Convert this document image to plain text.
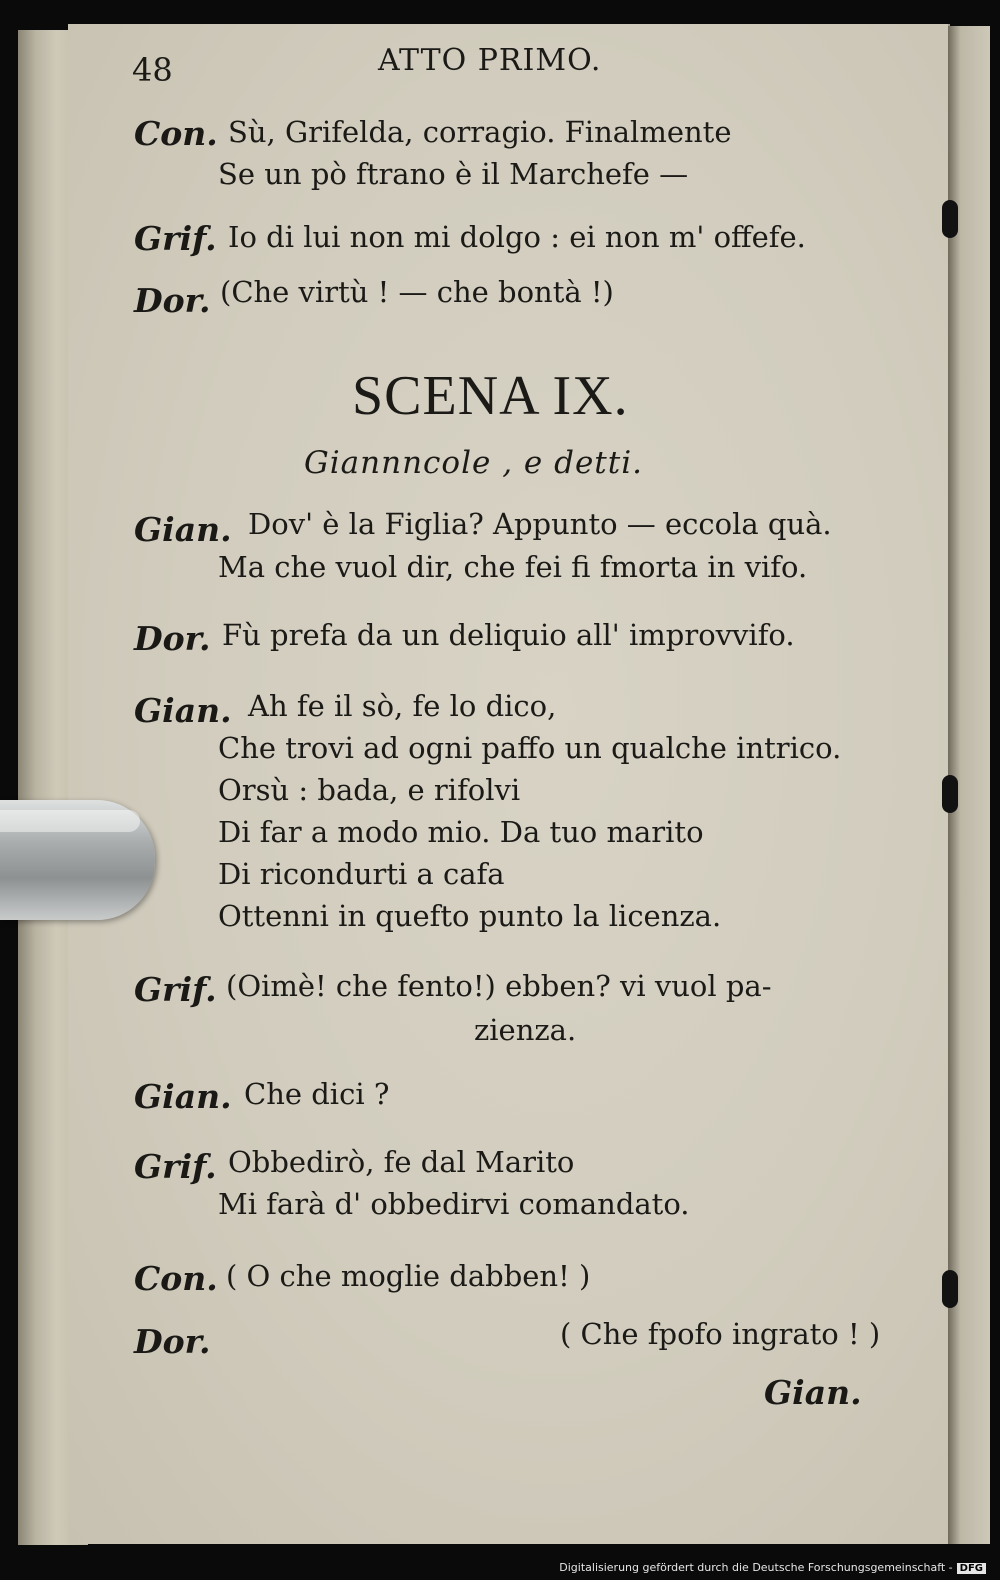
48	ATTO PRIMO.
Con. Sù, Grifelda, corragio. Finalmente
Se un pò ftrano è il Marchefe —
Grif. Io di lui non mi dolgo : ei non m' offefe.
Dor. (Che virtù ! — che bontà !)
SCENA IX.
Giannncole , e detti.
Gian. Dov' è la Figlia? Appunto — eccola quà.
Ma che vuol dir, che fei fi fmorta in vifo.
Dor. Fù prefa da un deliquio all' improvvifo.
Gian. Ah fe il sò, fe lo dico,
Che trovi ad ogni paffo un qualche intrico.
Orsù : bada, e rifolvi
Di far a modo mio. Da tuo marito
Di ricondurti a cafa
Ottenni in quefto punto la licenza.
Grif. (Oimè! che fento!) ebben? vi vuol pa-
zienza.
Gian. Che dici ?
Grif. Obbedirò, fe dal Marito
Mi farà d' obbedirvi comandato.
Con. ( O che moglie dabben! )
Dor.	( Che fpofo ingrato ! )
Gian.
Digitalisierung gefördert durch die Deutsche Forschungsgemeinschaft - DFG
